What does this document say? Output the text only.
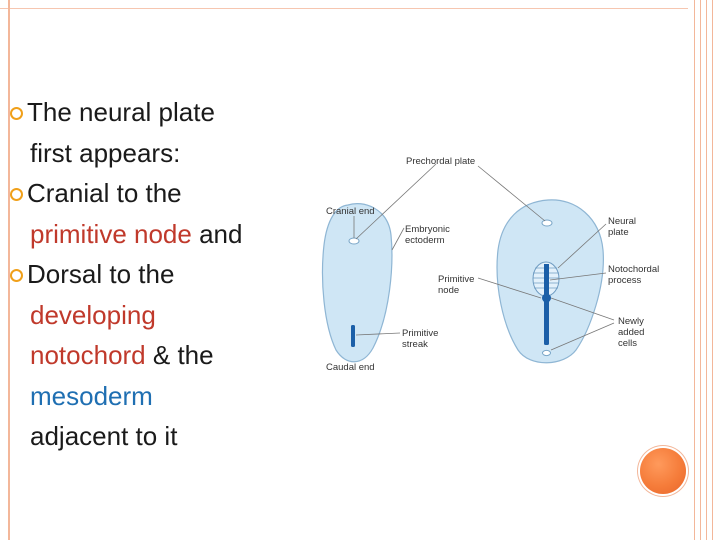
The neural plate
first appears:
Cranial to the
primitive node and
Dorsal to the
developing
notochord & the
mesoderm
adjacent to it
Prechordal plate
Cranial end
Embryonic
ectoderm
Neural
plate
Notochordal
process
Primitive
node
Newly
added
cells
Primitive
streak
Caudal end
